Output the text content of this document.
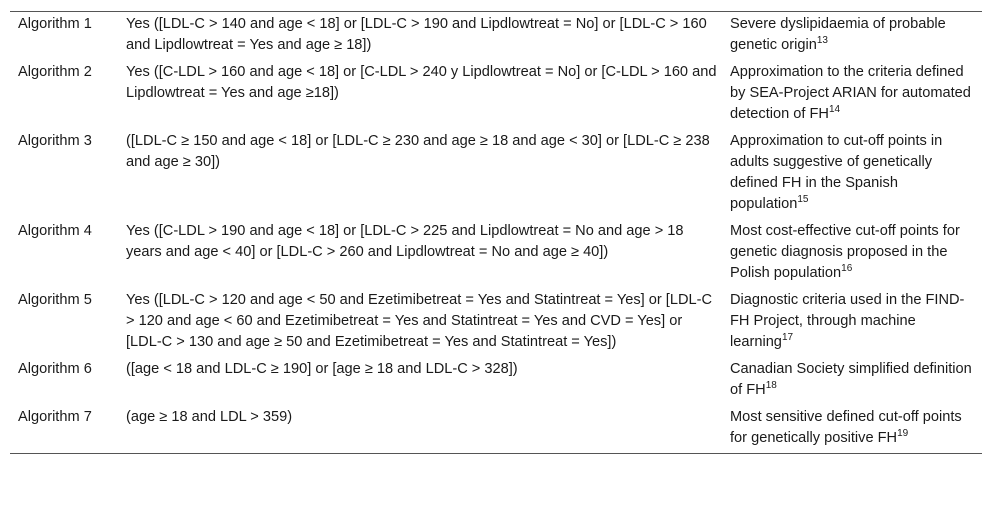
Algorithm 1	Yes ([LDL-C > 140 and age < 18] or [LDL-C > 190 and Lipdlowtreat = No] or [LDL-C > 160 and Lipdlowtreat = Yes and age ≥ 18])	Severe dyslipidaemia of probable genetic origin$^{13}$
Algorithm 2	Yes ([C-LDL > 160 and age < 18] or [C-LDL > 240 y Lipdlowtreat = No] or [C-LDL > 160 and Lipdlowtreat = Yes and age ≥18])	Approximation to the criteria defined by SEA-Project ARIAN for automated detection of FH$^{14}$
Algorithm 3	([LDL-C ≥ 150 and age < 18] or [LDL-C ≥ 230 and age ≥ 18 and age < 30] or [LDL-C ≥ 238 and age ≥ 30])	Approximation to cut-off points in adults suggestive of genetically defined FH in the Spanish population$^{15}$
Algorithm 4	Yes ([C-LDL > 190 and age < 18] or [LDL-C > 225 and Lipdlowtreat = No and age > 18 years and age < 40] or [LDL-C > 260 and Lipdlowtreat = No and age ≥ 40])	Most cost-effective cut-off points for genetic diagnosis proposed in the Polish population$^{16}$
Algorithm 5	Yes ([LDL-C > 120 and age < 50 and Ezetimibetreat = Yes and Statintreat = Yes] or [LDL-C > 120 and age < 60 and Ezetimibetreat = Yes and Statintreat = Yes and CVD = Yes] or [LDL-C > 130 and age ≥ 50 and Ezetimibetreat = Yes and Statintreat = Yes])	Diagnostic criteria used in the FIND-FH Project, through machine learning$^{17}$
Algorithm 6	([age < 18 and LDL-C ≥ 190] or [age ≥ 18 and LDL-C > 328])	Canadian Society simplified definition of FH$^{18}$
Algorithm 7	(age ≥ 18 and LDL > 359)	Most sensitive defined cut-off points for genetically positive FH$^{19}$
